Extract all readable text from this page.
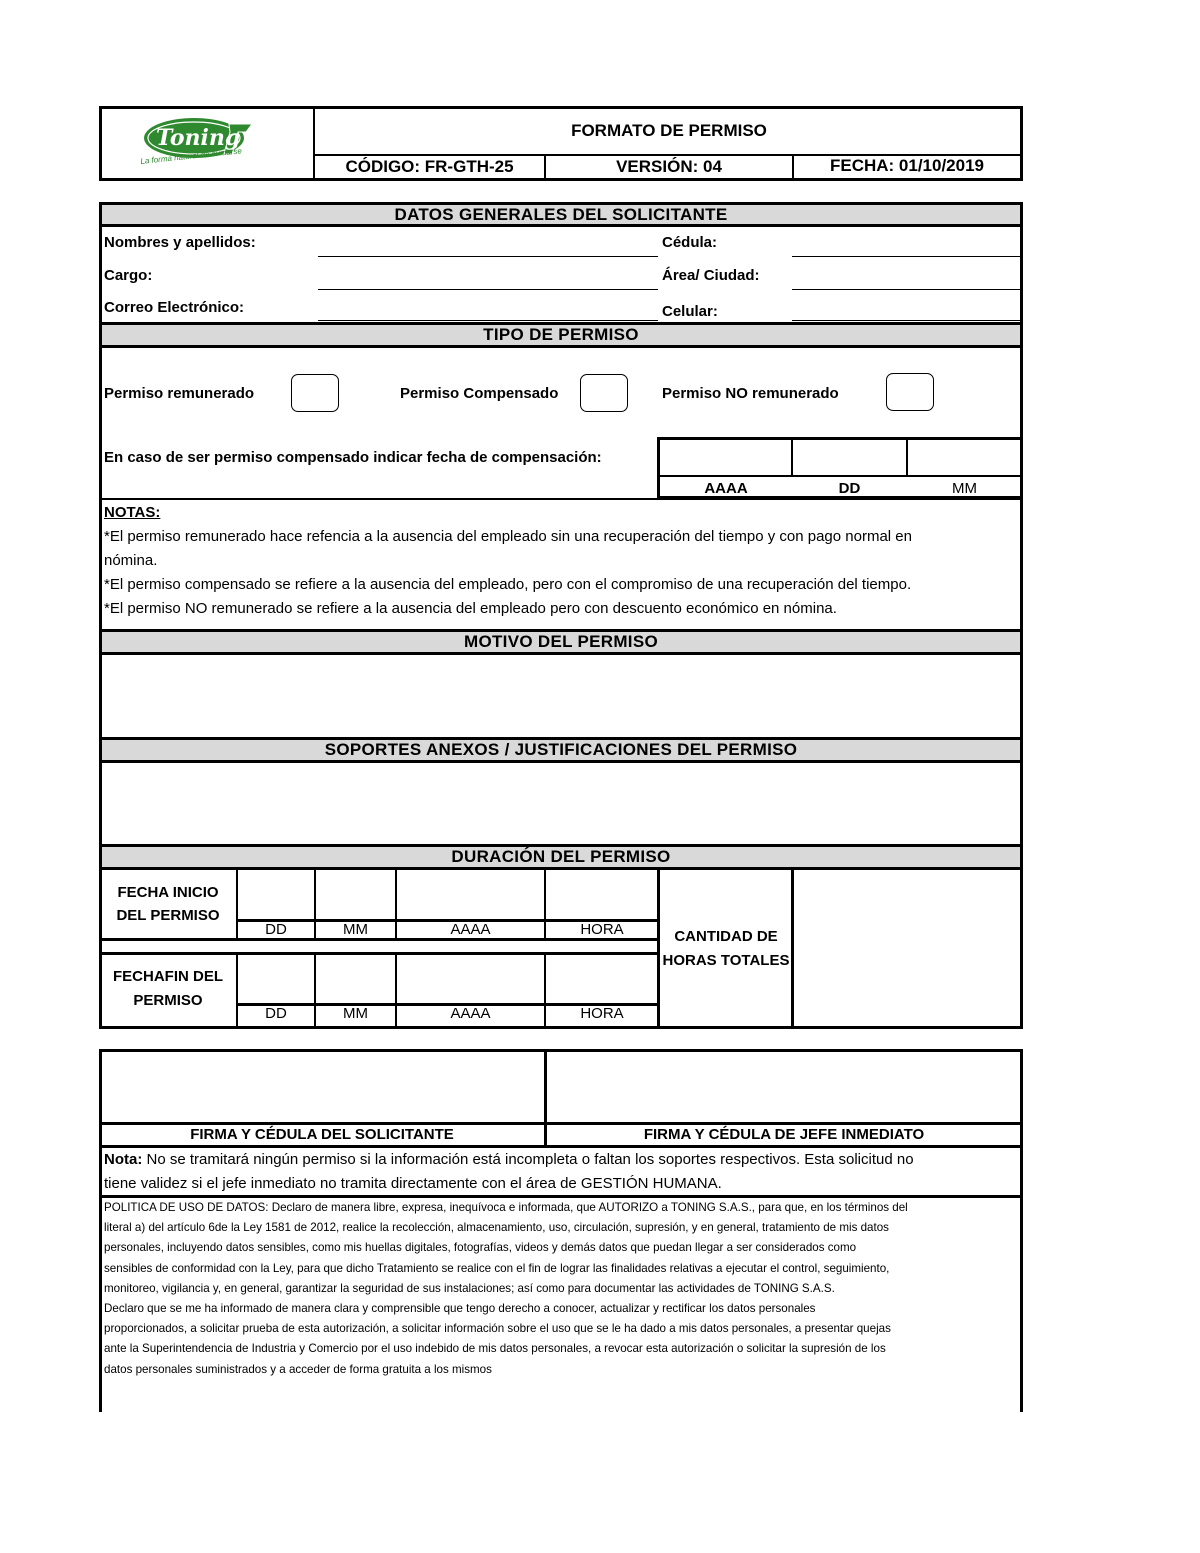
Toning
La forma natural de cuidarse
FORMATO DE PERMISO
CÓDIGO: FR-GTH-25	VERSIÓN: 04	FECHA: 01/10/2019
DATOS GENERALES DEL SOLICITANTE
Nombres y apellidos:	Cédula:
Cargo:	Área/ Ciudad:
Correo Electrónico:	Celular:
TIPO DE PERMISO
Permiso remunerado	Permiso Compensado	Permiso NO remunerado
En caso de ser permiso compensado indicar fecha de compensación:
AAAA	DD	MM
NOTAS:
*El permiso remunerado hace refencia a la ausencia del empleado sin una recuperación del tiempo y con pago normal en
nómina.
*El permiso compensado se refiere a la ausencia del empleado, pero con el compromiso de una recuperación del tiempo.
*El permiso NO remunerado se refiere a la ausencia del empleado pero con descuento económico en nómina.
MOTIVO DEL PERMISO
SOPORTES ANEXOS / JUSTIFICACIONES DEL PERMISO
DURACIÓN DEL PERMISO
FECHA INICIO
DEL PERMISO
DD	MM	AAAA	HORA
FECHAFIN DEL
PERMISO
DD	MM	AAAA	HORA
CANTIDAD DE
HORAS TOTALES
FIRMA Y CÉDULA DEL SOLICITANTE	FIRMA Y CÉDULA DE JEFE INMEDIATO
Nota: No se tramitará ningún permiso si la información está incompleta o faltan los soportes respectivos. Esta solicitud no
tiene validez si el jefe inmediato no tramita directamente con el área de GESTIÓN HUMANA.
POLITICA DE USO DE DATOS: Declaro de manera libre, expresa, inequívoca e informada, que AUTORIZO a TONING S.A.S., para que, en los términos del
literal a) del artículo 6de la Ley 1581 de 2012, realice la recolección, almacenamiento, uso, circulación, supresión, y en general, tratamiento de mis datos
personales, incluyendo datos sensibles, como mis huellas digitales, fotografías, videos y demás datos que puedan llegar a ser considerados como
sensibles de conformidad con la Ley, para que dicho Tratamiento se realice con el fin de lograr las finalidades relativas a ejecutar el control, seguimiento,
monitoreo, vigilancia y, en general, garantizar la seguridad de sus instalaciones; así como para documentar las actividades de TONING S.A.S.
Declaro que se me ha informado de manera clara y comprensible que tengo derecho a conocer, actualizar y rectificar los datos personales
proporcionados, a solicitar prueba de esta autorización, a solicitar información sobre el uso que se le ha dado a mis datos personales, a presentar quejas
ante la Superintendencia de Industria y Comercio por el uso indebido de mis datos personales, a revocar esta autorización o solicitar la supresión de los
datos personales suministrados y a acceder de forma gratuita a los mismos
